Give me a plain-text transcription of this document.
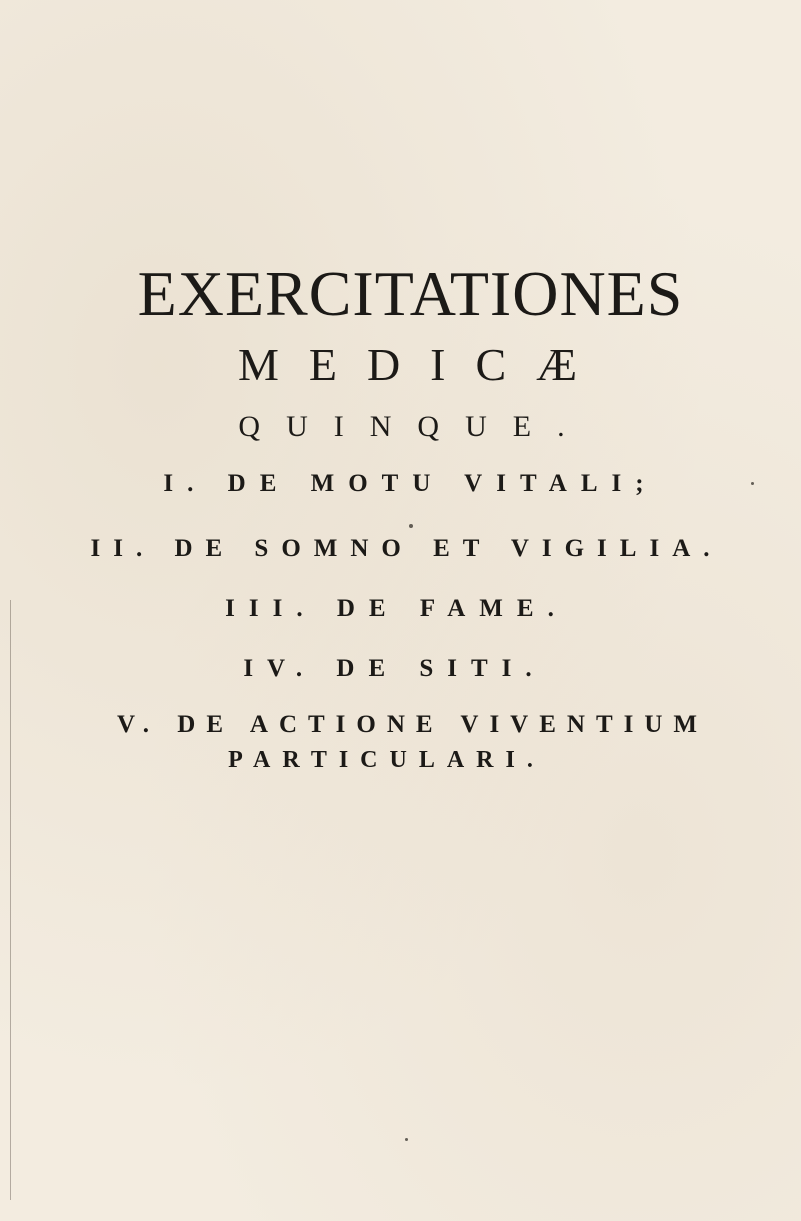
EXERCITATIONES
MEDICÆ
QUINQUE.
I. DE MOTU VITALI;
II. DE SOMNO ET VIGILIA.
III. DE FAME.
IV. DE SITI.
V. DE ACTIONE VIVENTIUM
PARTICULARI.
